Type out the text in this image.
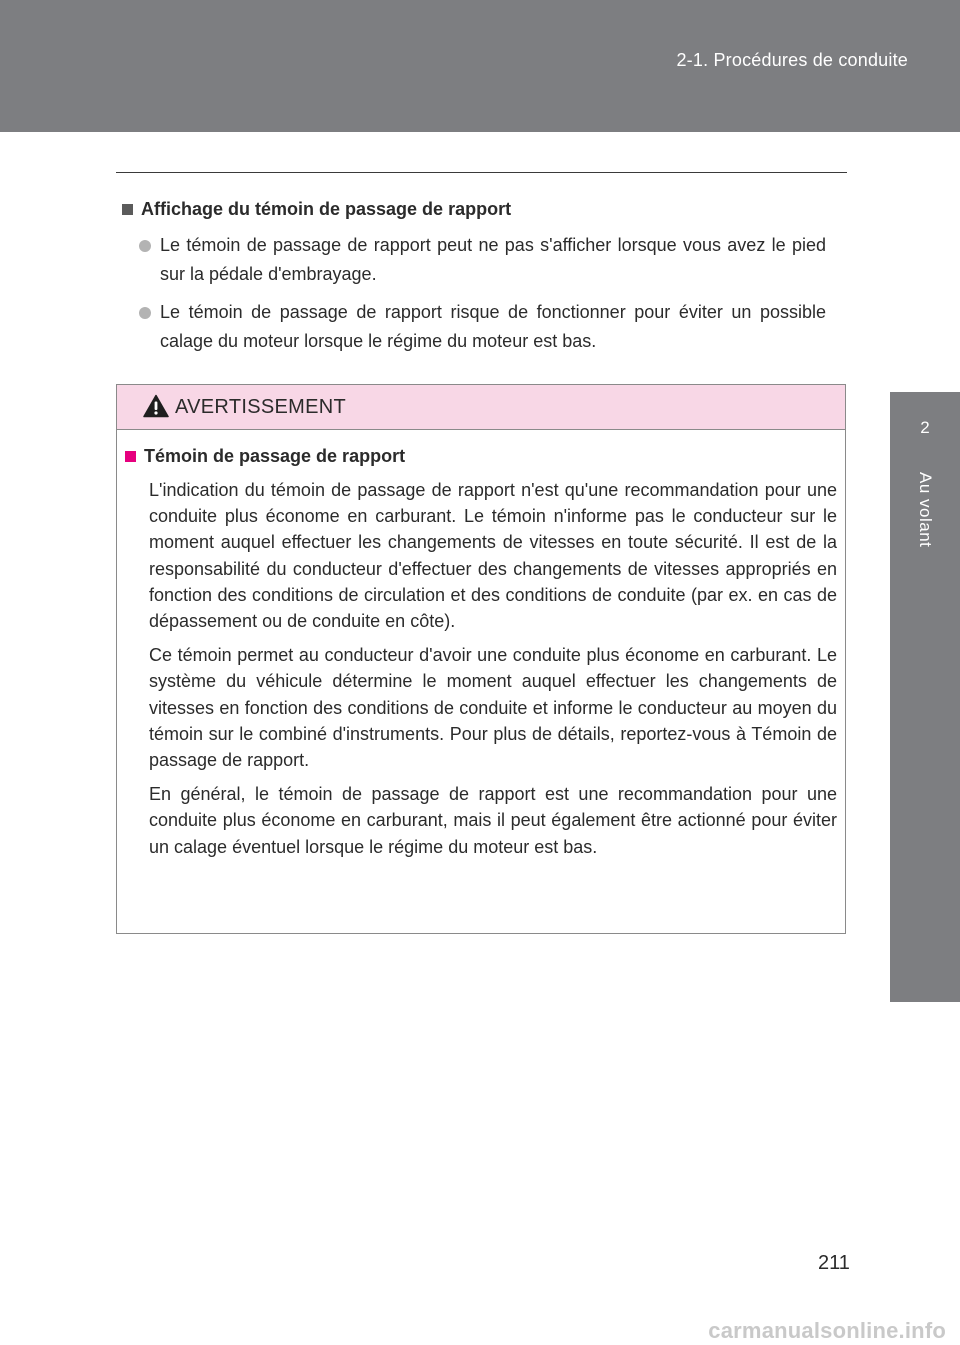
2-1. Procédures de conduite
2
Au volant
Affichage du témoin de passage de rapport
Le témoin de passage de rapport peut ne pas s'afficher lorsque vous avez le pied sur la pédale d'embrayage.
Le témoin de passage de rapport risque de fonctionner pour éviter un possible calage du moteur lorsque le régime du moteur est bas.
AVERTISSEMENT
Témoin de passage de rapport

L'indication du témoin de passage de rapport n'est qu'une recommandation pour une conduite plus économe en carburant. Le témoin n'informe pas le conducteur sur le moment auquel effectuer les changements de vitesses en toute sécurité. Il est de la responsabilité du conducteur d'effectuer des changements de vitesses appropriés en fonction des conditions de circulation et des conditions de conduite (par ex. en cas de dépassement ou de conduite en côte).

Ce témoin permet au conducteur d'avoir une conduite plus économe en carburant. Le système du véhicule détermine le moment auquel effectuer les changements de vitesses en fonction des conditions de conduite et informe le conducteur au moyen du témoin sur le combiné d'instruments. Pour plus de détails, reportez-vous à Témoin de passage de rapport.

En général, le témoin de passage de rapport est une recommandation pour une conduite plus économe en carburant, mais il peut également être actionné pour éviter un calage éventuel lorsque le régime du moteur est bas.

211
carmanualsonline.info
